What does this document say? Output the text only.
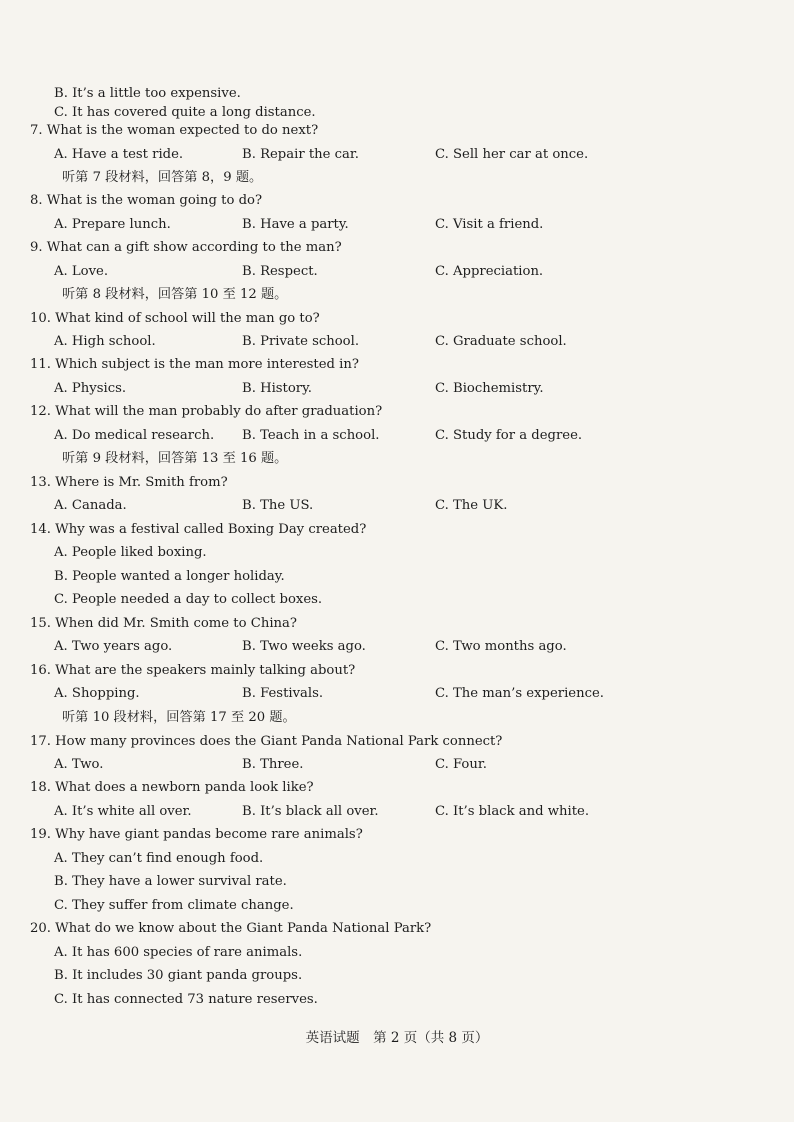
B. It’s a little too expensive.
C. It has covered quite a long distance.
7. What is the woman expected to do next?
A. Have a test ride.	B. Repair the car.	C. Sell her car at once.
听第 7 段材料，回答第 8，9 题。
8. What is the woman going to do?
A. Prepare lunch.	B. Have a party.	C. Visit a friend.
9. What can a gift show according to the man?
A. Love.	B. Respect.	C. Appreciation.
听第 8 段材料，回答第 10 至 12 题。
10. What kind of school will the man go to?
A. High school.	B. Private school.	C. Graduate school.
11. Which subject is the man more interested in?
A. Physics.	B. History.	C. Biochemistry.
12. What will the man probably do after graduation?
A. Do medical research. B. Teach in a school.	C. Study for a degree.
听第 9 段材料，回答第 13 至 16 题。
13. Where is Mr. Smith from?
A. Canada.	B. The US.	C. The UK.
14. Why was a festival called Boxing Day created?
A. People liked boxing.
B. People wanted a longer holiday.
C. People needed a day to collect boxes.
15. When did Mr. Smith come to China?
A. Two years ago.	B. Two weeks ago.	C. Two months ago.
16. What are the speakers mainly talking about?
A. Shopping.	B. Festivals.	C. The man’s experience.
听第 10 段材料，回答第 17 至 20 题。
17. How many provinces does the Giant Panda National Park connect?
A. Two.	B. Three.	C. Four.
18. What does a newborn panda look like?
A. It’s white all over.	B. It’s black all over.	C. It’s black and white.
19. Why have giant pandas become rare animals?
A. They can’t find enough food.
B. They have a lower survival rate.
C. They suffer from climate change.
20. What do we know about the Giant Panda National Park?
A. It has 600 species of rare animals.
B. It includes 30 giant panda groups.
C. It has connected 73 nature reserves.
英语试题　第 2 页（共 8 页）
